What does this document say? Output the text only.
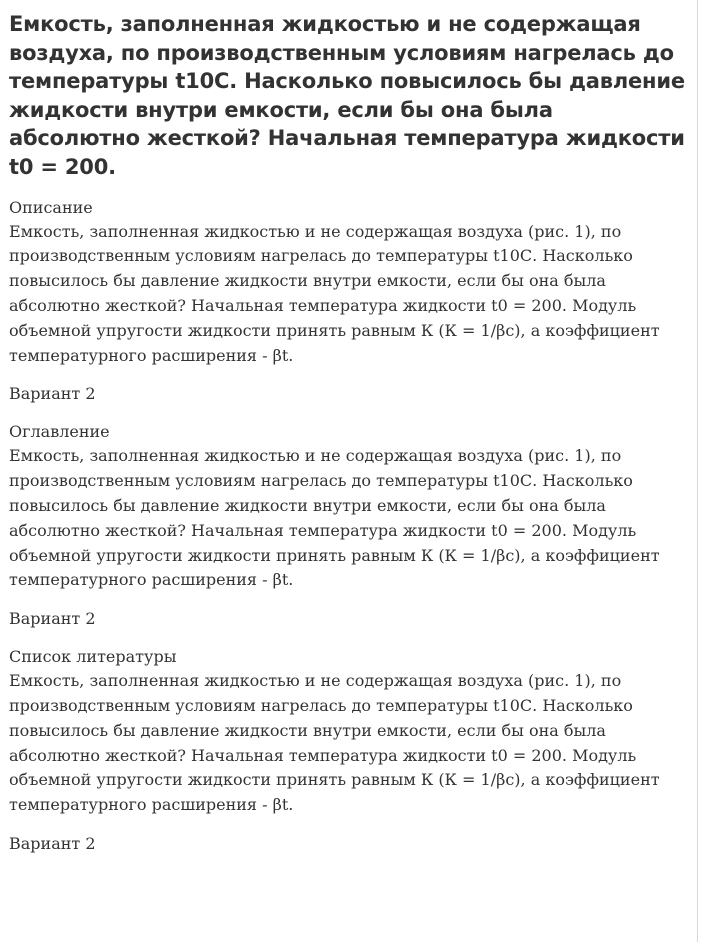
Емкость, заполненная жидкостью и не содержащая воздуха, по производственным условиям нагрелась до температуры t10С. Насколько повысилось бы давление жидкости внутри емкости, если бы она была абсолютно жесткой? Начальная температура жидкости t0 = 200.
Описание
Емкость, заполненная жидкостью и не содержащая воздуха (рис. 1), по производственным условиям нагрелась до температуры t10С. Насколько повысилось бы давление жидкости внутри емкости, если бы она была абсолютно жесткой? Начальная температура жидкости t0 = 200. Модуль объемной упругости жидкости принять равным К (К = 1/βс), а коэффициент температурного расширения - βt.
Вариант 2
Оглавление
Емкость, заполненная жидкостью и не содержащая воздуха (рис. 1), по производственным условиям нагрелась до температуры t10С. Насколько повысилось бы давление жидкости внутри емкости, если бы она была абсолютно жесткой? Начальная температура жидкости t0 = 200. Модуль объемной упругости жидкости принять равным К (К = 1/βс), а коэффициент температурного расширения - βt.
Вариант 2
Список литературы
Емкость, заполненная жидкостью и не содержащая воздуха (рис. 1), по производственным условиям нагрелась до температуры t10С. Насколько повысилось бы давление жидкости внутри емкости, если бы она была абсолютно жесткой? Начальная температура жидкости t0 = 200. Модуль объемной упругости жидкости принять равным К (К = 1/βс), а коэффициент температурного расширения - βt.
Вариант 2
